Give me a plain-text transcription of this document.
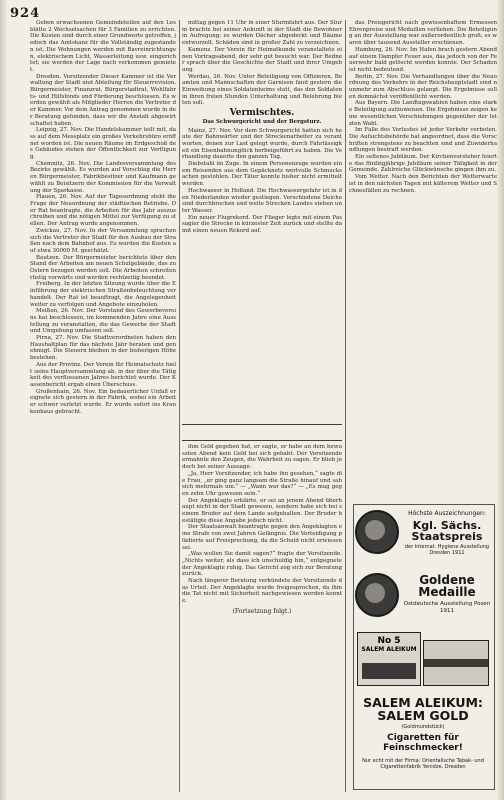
924

Geben erwachsenen Gemeindeteilen auf den Lesblätte 2 Wechselsachen für 3 Familien zu errichten. Die Kosten sind durch einer Grundwerte getroffen, jedoch das Amtskanz für die Vollständig zugestanden ist. Die Wohnungen werden mit Bavreinrichtungen, elektrischem Licht, Wasserleitung usw. eingerichtet; sie werden der Lage nach verkommen gemietet.

Dresden. Vorsitzender Dieser Kammer ist die Verwaltung der Stadt und Abteilung für Steuerrevision. Bürgermeister, Finanzrat, Bürgerstadtrat, Wohlfahrts- und Hilfsfonds und Förderung beschlossen. Es werden gewählt als Mitglieder Herren die Vertreter der Kammer. Vor dem Antrag genommen wurde in der Beratung gefunden, dass wir die Anstalt abgewirtschaftet haben.

Leipzig, 27. Nov. Die Handelskammer teilt mit, dass auf dem Messplatz ein großes Verkehrsbüro eröffnet worden ist. Die neuen Räume im Erdgeschoß des Gebäudes stehen der Öffentlichkeit zur Verfügung.

Chemnitz, 26. Nov. Die Landesversammlung des Bezirks gewählt. Es wurden auf Vorschlag die Herren Bürgermeister, Fabrikbesitzer und Kaufmann gewählt zu Beisitzern der Kommission für die Verwaltung der Sparkasse.

Plauen, 26. Nov. Auf der Tagesordnung steht die Frage der Neuordnung der städtischen Betriebe. Der Rat beantragte, die Arbeiten für das Jahr auszuschreiben und die nötigen Mittel zur Verfügung zu stellen. Der Antrag wurde angenommen.

Zwickau, 27. Nov. In der Versammlung sprachen sich die Vertreter der Stadt für den Ausbau der Straßen nach dem Bahnhof aus. Es wurden die Kosten auf etwa 30000 M. geschätzt.

Bautzen. Der Bürgermeister berichtete über den Stand der Arbeiten am neuen Schulgebäude, das zu Ostern bezogen werden soll. Die Arbeiten schreiten rüstig vorwärts und werden rechtzeitig beendet.

Freiberg. In der letzten Sitzung wurde über die Einführung der elektrischen Straßenbeleuchtung verhandelt. Der Rat ist beauftragt, die Angelegenheit weiter zu verfolgen und Angebote einzuholen.

Meißen, 26. Nov. Der Vorstand des Gewerbevereins hat beschlossen, im kommenden Jahre eine Ausstellung zu veranstalten, die das Gewerbe der Stadt und Umgebung umfassen soll.

Pirna, 27. Nov. Die Stadtverordneten haben den Haushaltplan für das nächste Jahr beraten und genehmigt. Die Steuern bleiben in der bisherigen Höhe bestehen.

Aus der Provinz. Der Verein für Heimatschutz hielt seine Hauptversammlung ab, in der über die Tätigkeit des verflossenen Jahres berichtet wurde. Der Kassenbericht ergab einen Überschuss.

Großenhain, 26. Nov. Ein bedauerlicher Unfall ereignete sich gestern in der Fabrik, wobei ein Arbeiter schwer verletzt wurde. Er wurde sofort ins Krankenhaus gebracht.

mittag gegen 11 Uhr in einer Sturmfahrt aus. Der Sturm brachte bei seiner Ankunft in der Stadt die Bewohner in Aufregung; es wurden Dächer abgedeckt und Bäume entwurzelt. Schäden sind in großer Zahl zu verzeichnen.

Kamenz. Der Verein für Heimatkunde veranstaltete einen Vortragsabend, der sehr gut besucht war. Der Redner sprach über die Geschichte der Stadt und ihrer Umgebung.

Werdau, 26. Nov. Unter Beteiligung von Offizieren, Beamten und Mannschaften der Garnison fand gestern die Einweihung eines Soldatenheims statt, das den Soldaten in ihren freien Stunden Unterhaltung und Belehrung bieten soll.

Vermischtes.
Das Schwurgericht und der Bergsturz.

Mainz, 27. Nov. Vor dem Schwurgericht hatten sich heute der Bahnwärter und der Streckenarbeiter zu verantworten, denen zur Last gelegt wurde, durch Fahrlässigkeit ein Eisenbahnunglück herbeigeführt zu haben. Die Verhandlung dauerte den ganzen Tag.

Diebstahl im Zuge. In einem Personenzuge wurden einem Reisenden aus dem Gepäcknetz wertvolle Schmucksachen gestohlen. Der Täter konnte bisher nicht ermittelt werden.

Hochwasser in Holland. Die Hochwassergefahr ist in den Niederlanden wieder gestiegen. Verschiedene Deiche sind durchbrochen und weite Strecken Landes stehen unter Wasser.

Ein neuer Flugrekord. Der Flieger legte mit einem Passagier die Strecke in kürzester Zeit zurück und stellte damit einen neuen Rekord auf.

ihm Geld gegeben hat, er sagte, er habe an dem bewussten Abend kein Geld bei sich gehabt. Der Vorsitzende ermahnte den Zeugen, die Wahrheit zu sagen. Er blieb jedoch bei seiner Aussage.

„Ja, Herr Vorsitzender, ich habe ihn gesehen,“ sagte die Frau, „er ging ganz langsam die Straße hinauf und sah sich mehrmals um.“ — „Wann war das?“ — „Es mag gegen zehn Uhr gewesen sein.“

Der Angeklagte erklärte, er sei an jenem Abend überhaupt nicht in der Stadt gewesen, sondern habe sich bei seinem Bruder auf dem Lande aufgehalten. Der Bruder bestätigte diese Angabe jedoch nicht.

Der Staatsanwalt beantragte gegen den Angeklagten eine Strafe von zwei Jahren Gefängnis. Die Verteidigung plädierte auf Freisprechung, da die Schuld nicht erwiesen sei.

„Was wollen Sie damit sagen?“ fragte der Vorsitzende. „Nichts weiter, als dass ich unschuldig bin,“ entgegnete der Angeklagte ruhig. Das Gericht zog sich zur Beratung zurück.

Nach längerer Beratung verkündete der Vorsitzende das Urteil. Der Angeklagte wurde freigesprochen, da ihm die Tat nicht mit Sicherheit nachgewiesen werden konnte.

(Fortsetzung folgt.)

das Preisgericht nach gewissenhaftem Ermessen Ehrenpreise und Medaillen verliehen. Die Beteiligung an der Ausstellung war außerordentlich groß; es waren über tausend Aussteller erschienen.

Hamburg, 26. Nov. Im Hafen brach gestern Abend auf einem Dampfer Feuer aus, das jedoch von der Feuerwehr bald gelöscht werden konnte. Der Schaden ist nicht bedeutend.

Berlin, 27. Nov. Die Verhandlungen über die Neuordnung des Verkehrs in der Reichshauptstadt sind nunmehr zum Abschluss gelangt. Die Ergebnisse sollen demnächst veröffentlicht werden.

Aus Bayern. Die Landtagswahlen haben eine starke Beteiligung aufzuweisen. Die Ergebnisse zeigen keine wesentlichen Verschiebungen gegenüber der letzten Wahl.

Im Falle des Verlustes ist jeder Verkehr verboten. Die Aufsichtsbehörde hat angeordnet, dass die Vorschriften strengstens zu beachten sind und Zuwiderhandlungen bestraft werden.

Ein seltenes Jubiläum. Der Kirchenvorsteher feierte das fünfzigjährige Jubiläum seiner Tätigkeit in der Gemeinde. Zahlreiche Glückwünsche gingen ihm zu.

Vom Wetter. Nach den Berichten der Wetterwarte ist in den nächsten Tagen mit kälterem Wetter und Schneefällen zu rechnen.

Höchste Auszeichnungen:
Kgl. Sächs. Staatspreis
der Internat. Hygiene Ausstellung Dresden 1911
Goldene Medaille
Ostdeutsche Ausstellung Posen 1911
No 5
SALEM ALEIKUM
SALEM ALEIKUM: SALEM GOLD
(Goldmundstück)
Cigaretten für Feinschmecker!
Nur echt mit der Firma: Orientalische Tabak- und Cigarettenfabrik Yenidze, Dresden
